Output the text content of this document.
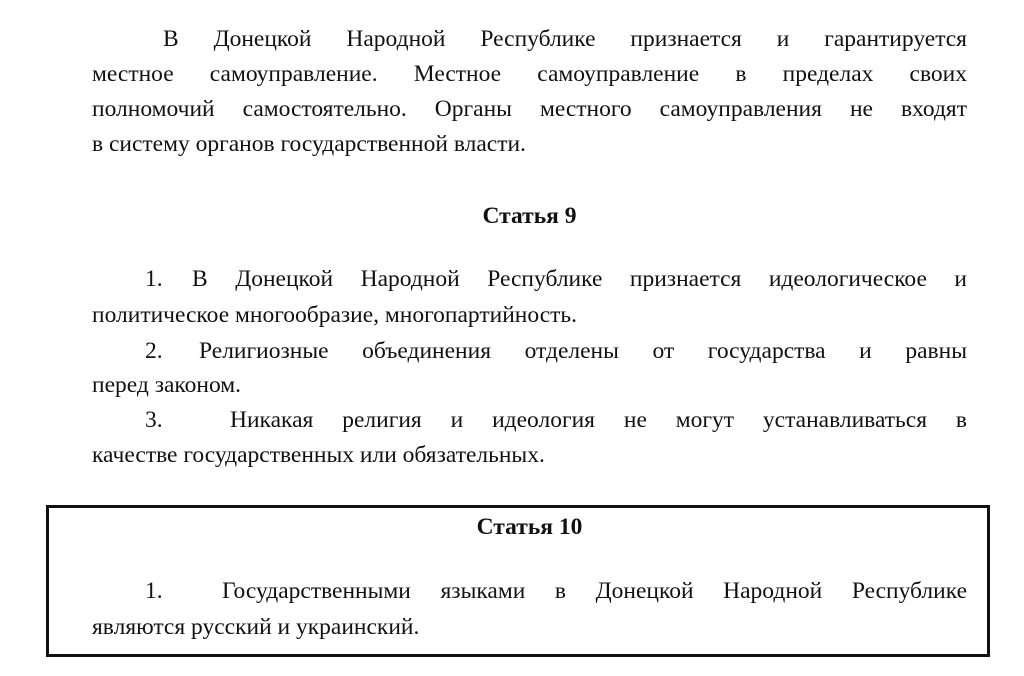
В Донецкой Народной Республике признается и гарантируется
местное самоуправление. Местное самоуправление в пределах своих
полномочий самостоятельно. Органы местного самоуправления не входят
в систему органов государственной власти.
Статья 9
1. В Донецкой Народной Республике признается идеологическое и
политическое многообразие, многопартийность.
2. Религиозные объединения отделены от государства и равны
перед законом.
3.	Никакая религия и идеология не могут устанавливаться в
качестве государственных или обязательных.
Статья 10
1.	Государственными языками в Донецкой Народной Республике
являются русский и украинский.
